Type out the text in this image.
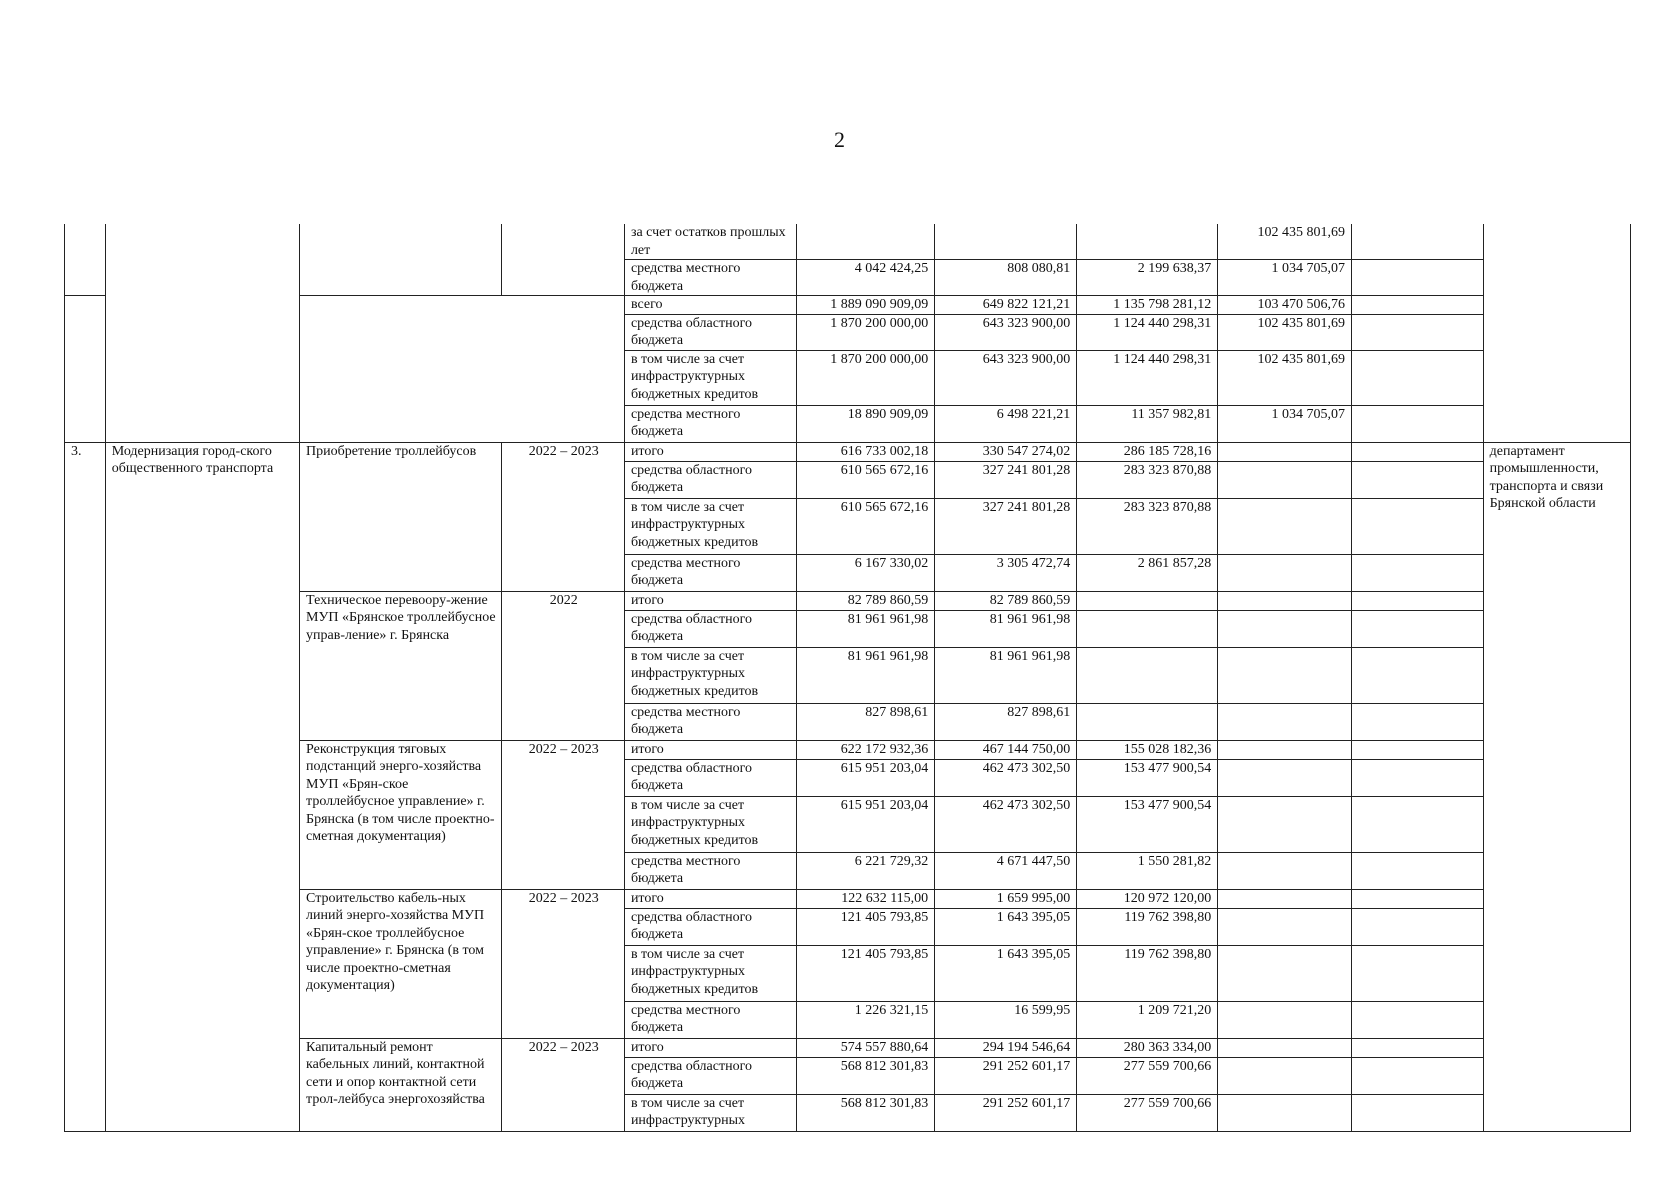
2
				за счет остатков прошлых лет				102 435 801,69		
				средства местного бюджета	4 042 424,25	808 080,81	2 199 638,37	1 034 705,07		
				всего	1 889 090 909,09	649 822 121,21	1 135 798 281,12	103 470 506,76		
				средства областного бюджета	1 870 200 000,00	643 323 900,00	1 124 440 298,31	102 435 801,69		
				в том числе за счет инфраструктурных бюджетных кредитов	1 870 200 000,00	643 323 900,00	1 124 440 298,31	102 435 801,69		
				средства местного бюджета	18 890 909,09	6 498 221,21	11 357 982,81	1 034 705,07		
3.	Модернизация город-ского общественного транспорта	Приобретение троллейбусов	2022 – 2023	итого	616 733 002,18	330 547 274,02	286 185 728,16			департамент промышленности, транспорта и связи Брянской области
				средства областного бюджета	610 565 672,16	327 241 801,28	283 323 870,88			
				в том числе за счет инфраструктурных бюджетных кредитов	610 565 672,16	327 241 801,28	283 323 870,88			
				средства местного бюджета	6 167 330,02	3 305 472,74	2 861 857,28			
		Техническое перевоору-жение МУП «Брянское троллейбусное управ-ление» г. Брянска	2022	итого	82 789 860,59	82 789 860,59				
				средства областного бюджета	81 961 961,98	81 961 961,98				
				в том числе за счет инфраструктурных бюджетных кредитов	81 961 961,98	81 961 961,98				
				средства местного бюджета	827 898,61	827 898,61				
		Реконструкция тяговых подстанций энерго-хозяйства МУП «Брян-ское троллейбусное управление» г. Брянска (в том числе проектно-сметная документация)	2022 – 2023	итого	622 172 932,36	467 144 750,00	155 028 182,36			
				средства областного бюджета	615 951 203,04	462 473 302,50	153 477 900,54			
				в том числе за счет инфраструктурных бюджетных кредитов	615 951 203,04	462 473 302,50	153 477 900,54			
				средства местного бюджета	6 221 729,32	4 671 447,50	1 550 281,82			
		Строительство кабель-ных линий энерго-хозяйства МУП «Брян-ское троллейбусное управление» г. Брянска (в том числе проектно-сметная документация)	2022 – 2023	итого	122 632 115,00	1 659 995,00	120 972 120,00			
				средства областного бюджета	121 405 793,85	1 643 395,05	119 762 398,80			
				в том числе за счет инфраструктурных бюджетных кредитов	121 405 793,85	1 643 395,05	119 762 398,80			
				средства местного бюджета	1 226 321,15	16 599,95	1 209 721,20			
		Капитальный ремонт кабельных линий, контактной сети и опор контактной сети трол-лейбуса энергохозяйства	2022 – 2023	итого	574 557 880,64	294 194 546,64	280 363 334,00			
				средства областного бюджета	568 812 301,83	291 252 601,17	277 559 700,66			
				в том числе за счет инфраструктурных	568 812 301,83	291 252 601,17	277 559 700,66			
